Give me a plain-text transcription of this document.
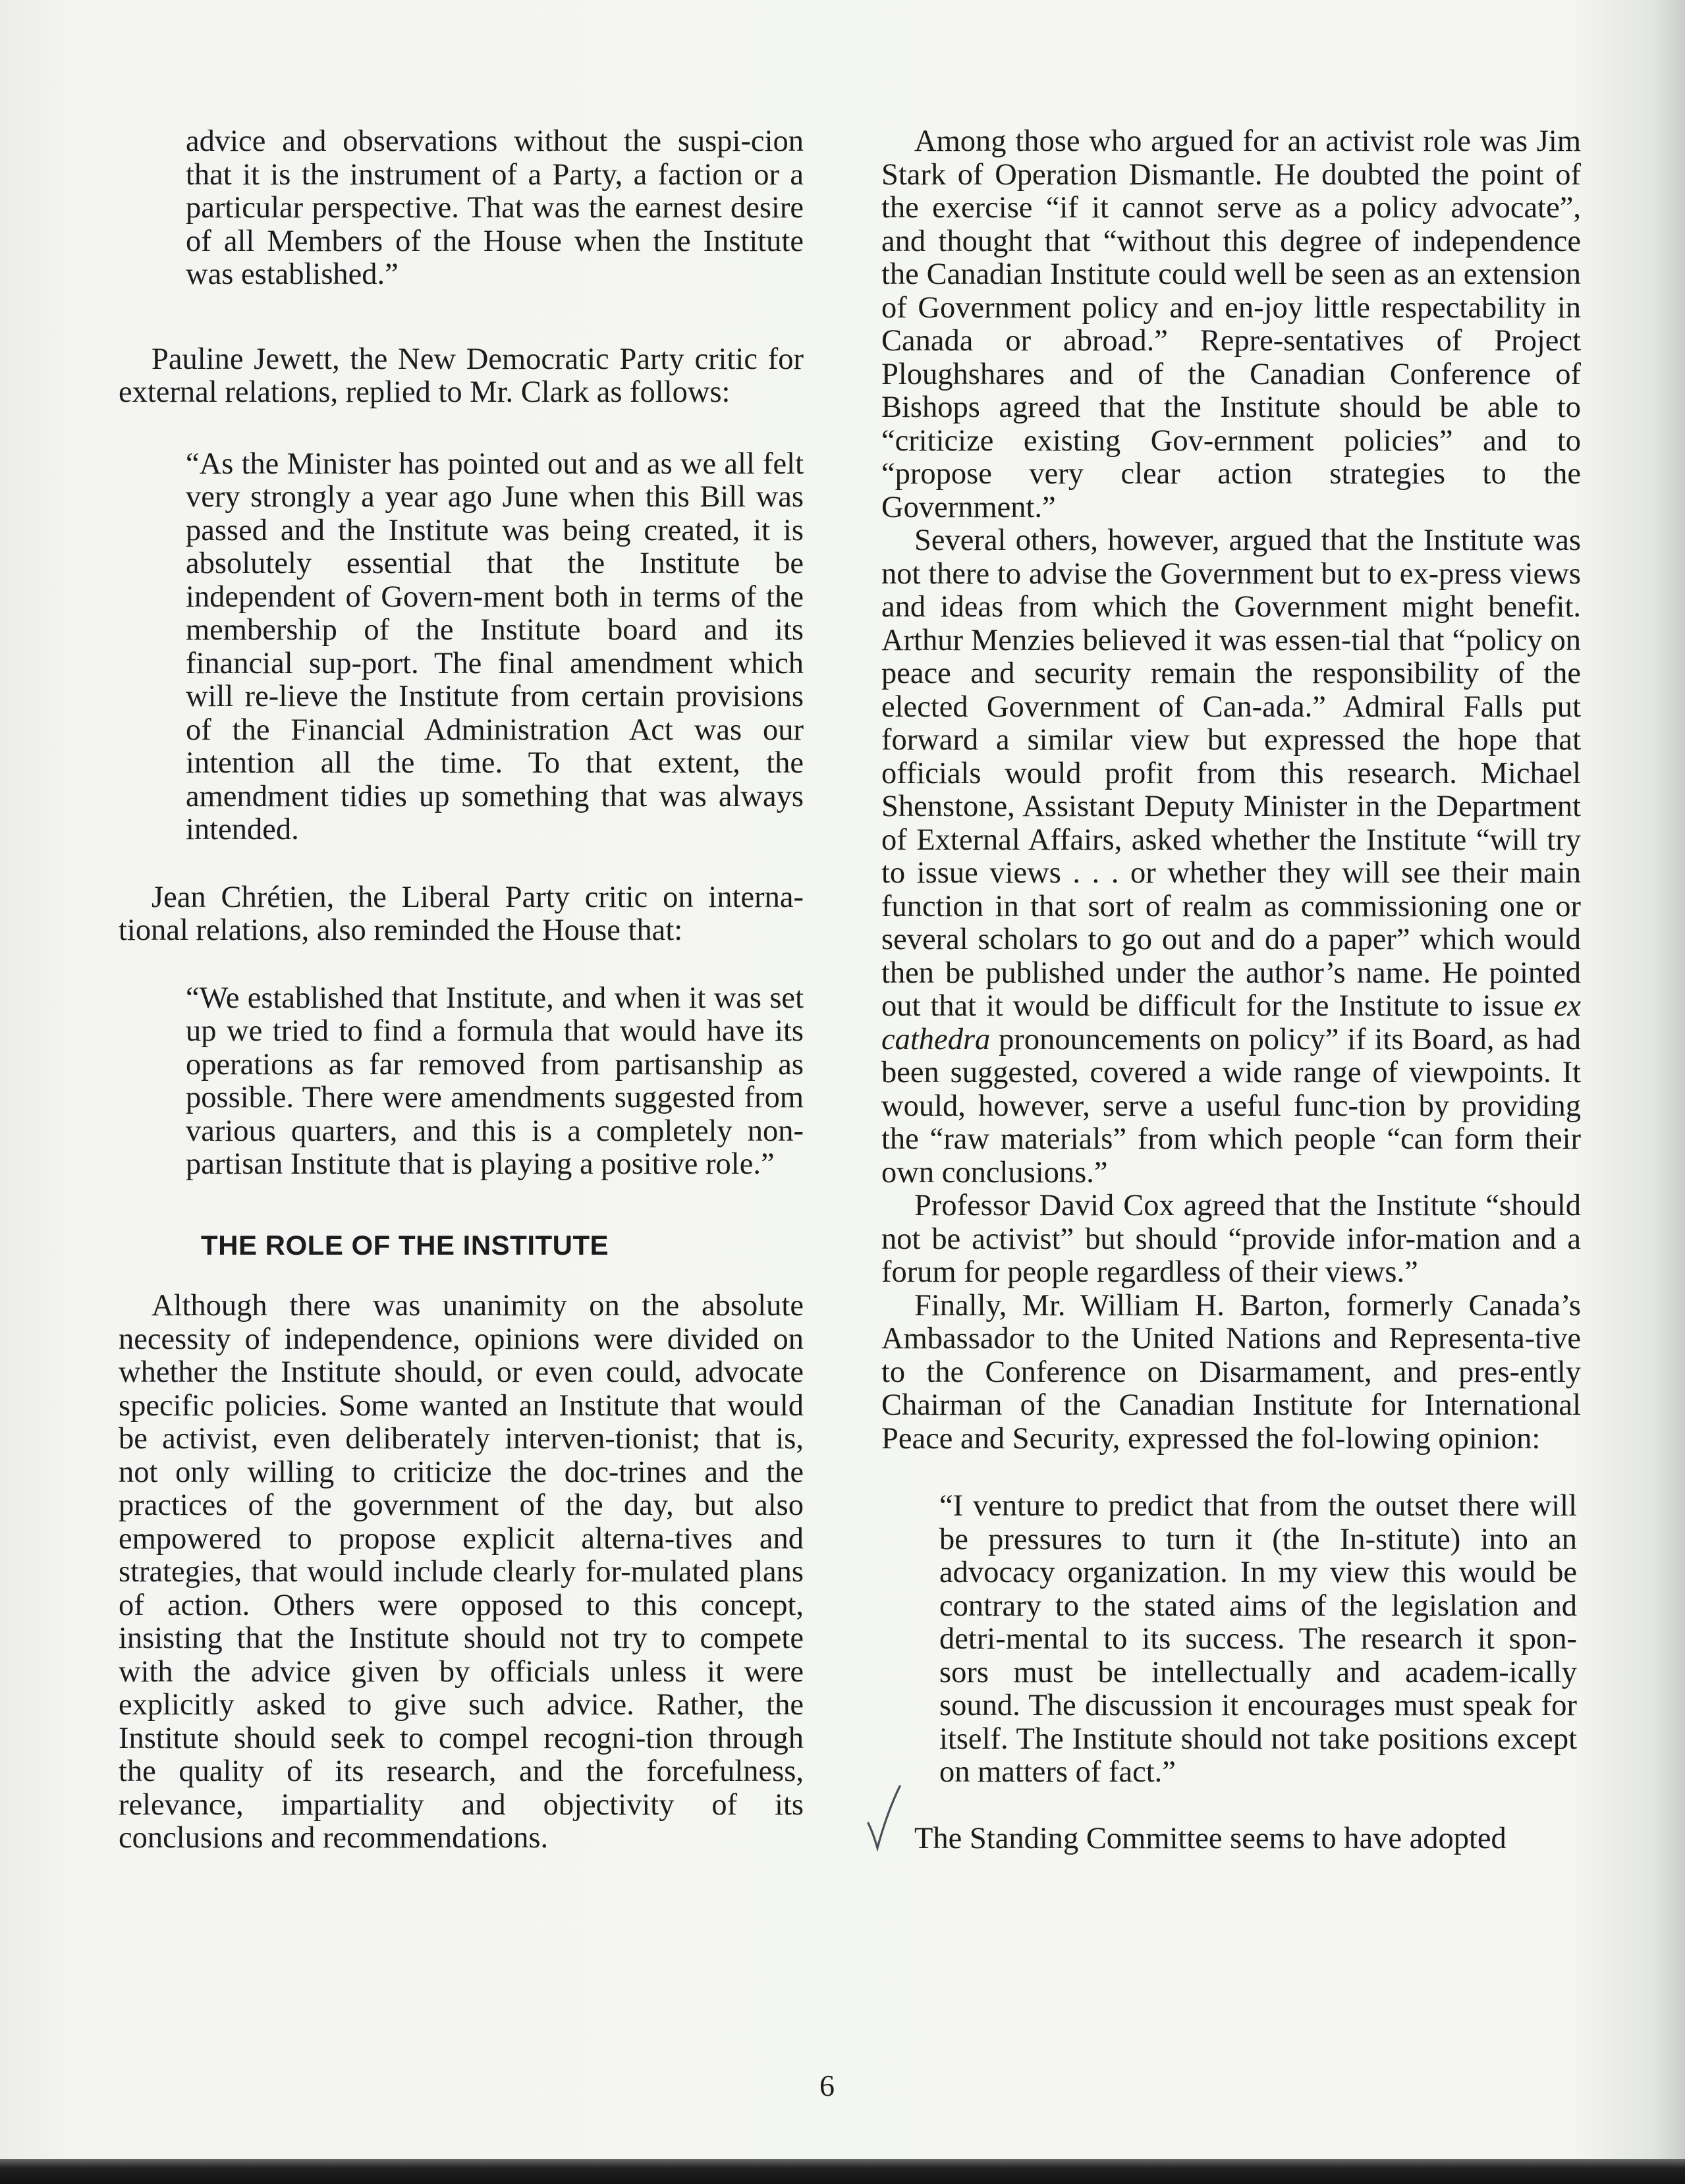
advice and observations without the suspi-cion that it is the instrument of a Party, a faction or a particular perspective. That was the earnest desire of all Members of the House when the Institute was established.”

Pauline Jewett, the New Democratic Party critic for external relations, replied to Mr. Clark as follows:

“As the Minister has pointed out and as we all felt very strongly a year ago June when this Bill was passed and the Institute was being created, it is absolutely essential that the Institute be independent of Govern-ment both in terms of the membership of the Institute board and its financial sup-port. The final amendment which will re-lieve the Institute from certain provisions of the Financial Administration Act was our intention all the time. To that extent, the amendment tidies up something that was always intended.

Jean Chrétien, the Liberal Party critic on interna-tional relations, also reminded the House that:

“We established that Institute, and when it was set up we tried to find a formula that would have its operations as far removed from partisanship as possible. There were amendments suggested from various quarters, and this is a completely non-partisan Institute that is playing a positive role.”

THE ROLE OF THE INSTITUTE

Although there was unanimity on the absolute necessity of independence, opinions were divided on whether the Institute should, or even could, advocate specific policies. Some wanted an Institute that would be activist, even deliberately interven-tionist; that is, not only willing to criticize the doc-trines and the practices of the government of the day, but also empowered to propose explicit alterna-tives and strategies, that would include clearly for-mulated plans of action. Others were opposed to this concept, insisting that the Institute should not try to compete with the advice given by officials unless it were explicitly asked to give such advice. Rather, the Institute should seek to compel recogni-tion through the quality of its research, and the forcefulness, relevance, impartiality and objectivity of its conclusions and recommendations.

Among those who argued for an activist role was Jim Stark of Operation Dismantle. He doubted the point of the exercise “if it cannot serve as a policy advocate”, and thought that “without this degree of independence the Canadian Institute could well be seen as an extension of Government policy and en-joy little respectability in Canada or abroad.” Repre-sentatives of Project Ploughshares and of the Canadian Conference of Bishops agreed that the Institute should be able to “criticize existing Gov-ernment policies” and to “propose very clear action strategies to the Government.”

Several others, however, argued that the Institute was not there to advise the Government but to ex-press views and ideas from which the Government might benefit. Arthur Menzies believed it was essen-tial that “policy on peace and security remain the responsibility of the elected Government of Can-ada.” Admiral Falls put forward a similar view but expressed the hope that officials would profit from this research. Michael Shenstone, Assistant Deputy Minister in the Department of External Affairs, asked whether the Institute “will try to issue views . . . or whether they will see their main function in that sort of realm as commissioning one or several scholars to go out and do a paper” which would then be published under the author’s name. He pointed out that it would be difficult for the Institute to issue ex cathedra pronouncements on policy” if its Board, as had been suggested, covered a wide range of viewpoints. It would, however, serve a useful func-tion by providing the “raw materials” from which people “can form their own conclusions.”

Professor David Cox agreed that the Institute “should not be activist” but should “provide infor-mation and a forum for people regardless of their views.”

Finally, Mr. William H. Barton, formerly Canada’s Ambassador to the United Nations and Representa-tive to the Conference on Disarmament, and pres-ently Chairman of the Canadian Institute for International Peace and Security, expressed the fol-lowing opinion:

“I venture to predict that from the outset there will be pressures to turn it (the In-stitute) into an advocacy organization. In my view this would be contrary to the stated aims of the legislation and detri-mental to its success. The research it spon-sors must be intellectually and academ-ically sound. The discussion it encourages must speak for itself. The Institute should not take positions except on matters of fact.”

The Standing Committee seems to have adopted

6
